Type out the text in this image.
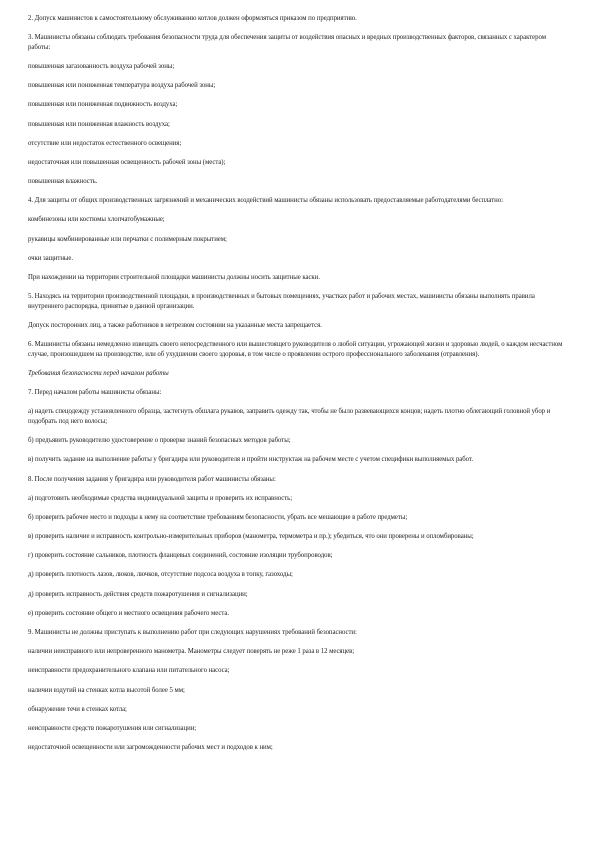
2. Допуск машинистов к самостоятельному обслуживанию котлов должен оформляться приказом по предприятию.

3. Машинисты обязаны соблюдать требования безопасности труда для обеспечения защиты от воздействия опасных и вредных производственных факторов, связанных с характером работы:

повышенная загазованность воздуха рабочей зоны;

повышенная или пониженная температура воздуха рабочей зоны;

повышенная или пониженная подвижность воздуха;

повышенная или пониженная влажность воздуха;

отсутствие или недостаток естественного освещения;

недостаточная или повышенная освещенность рабочей зоны (места);

повышенная влажность.

4. Для защиты от общих производственных загрязнений и механических воздействий машинисты обязаны использовать предоставляемые работодателями бесплатно:

комбинезоны или костюмы хлопчатобумажные;

рукавицы комбинированные или перчатки с полимерным покрытием;

очки защитные.

При нахождении на территории строительной площадки машинисты должны носить защитные каски.

5. Находясь на территории производственной площадки, в производственных и бытовых помещениях, участках работ и рабочих местах, машинисты обязаны выполнять правила внутреннего распорядка, принятые в данной организации.

Допуск посторонних лиц, а также работников в нетрезвом состоянии на указанные места запрещается.

6. Машинисты обязаны немедленно извещать своего непосредственного или вышестоящего руководителя о любой ситуации, угрожающей жизни и здоровью людей, о каждом несчастном случае, произошедшем на производстве, или об ухудшении своего здоровья, в том числе о проявлении острого профессионального заболевания (отравления).

Требования безопасности перед началом работы

7. Перед началом работы машинисты обязаны:

а) надеть спецодежду установленного образца, застегнуть обшлага рукавов, заправить одежду так, чтобы не было развевающихся концов; надеть плотно облегающий головной убор и подобрать под него волосы;

б) предъявить руководителю удостоверение о проверке знаний безопасных методов работы;

в) получить задание на выполнение работы у бригадира или руководителя и пройти инструктаж на рабочем месте с учетом специфики выполняемых работ.

8. После получения задания у бригадира или руководителя работ машинисты обязаны:

а) подготовить необходимые средства индивидуальной защиты и проверить их исправность;

б) проверить рабочее место и подходы к нему на соответствие требованиям безопасности, убрать все мешающие в работе предметы;

в) проверить наличие и исправность контрольно-измерительных приборов (манометра, термометра и пр.); убедиться, что они проверены и опломбированы;

г) проверить состояние сальников, плотность фланцевых соединений, состояние изоляции трубопроводов;

д) проверить плотность лазов, люков, лючков, отсутствие подсоса воздуха в топку, газоходы;

д) проверить исправность действия средств пожаротушения и сигнализации;

е) проверить состояние общего и местного освещения рабочего места.

9. Машинисты не должны приступать к выполнению работ при следующих нарушениях требований безопасности:

наличии неисправного или непроверенного манометра. Манометры следует поверять не реже 1 раза в 12 месяцев;

неисправности предохранительного клапана или питательного насоса;

наличии вздутий на стенках котла высотой более 5 мм;

обнаружение течи в стенках котла;

неисправности средств пожаротушения или сигнализации;

недостаточной освещенности или загроможденности рабочих мест и подходов к ним;
